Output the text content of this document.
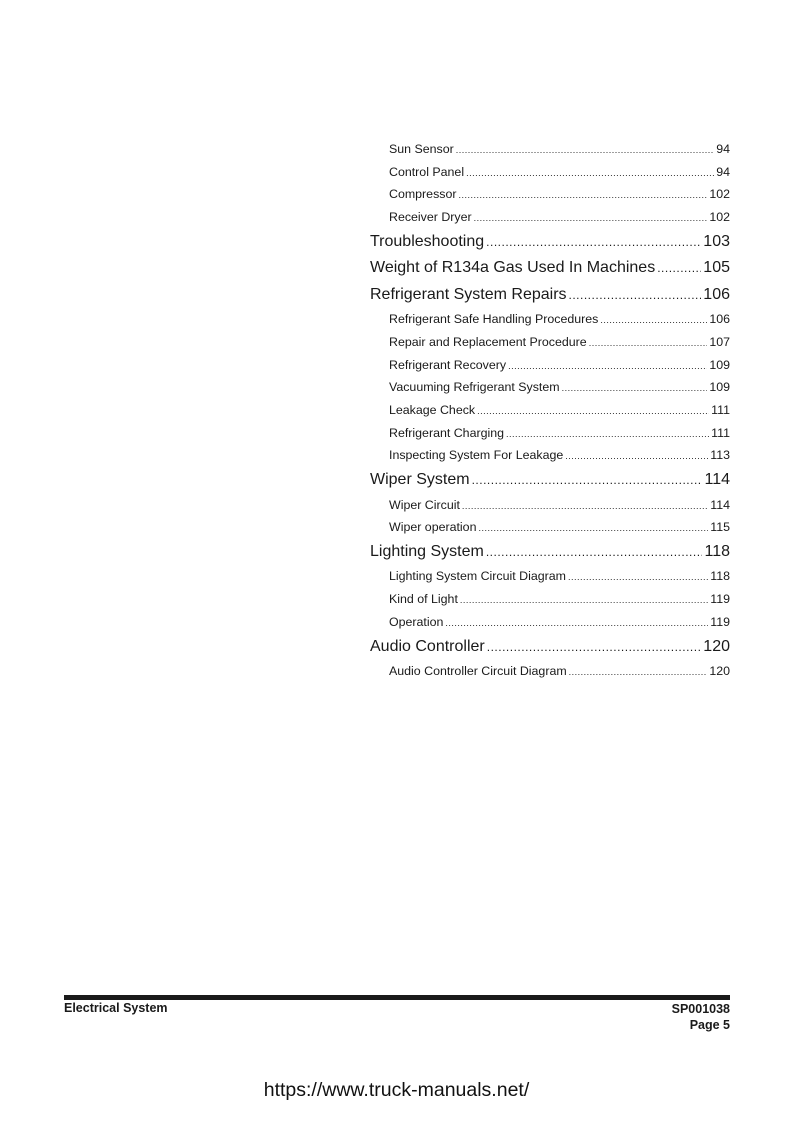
Sun Sensor .....	94
Control Panel .....	94
Compressor .....	102
Receiver Dryer .....	102
Troubleshooting .....	103
Weight of R134a Gas Used In Machines .....	105
Refrigerant System Repairs .....	106
Refrigerant Safe Handling Procedures .....	106
Repair and Replacement Procedure .....	107
Refrigerant Recovery .....	109
Vacuuming Refrigerant System .....	109
Leakage Check .....	111
Refrigerant Charging .....	111
Inspecting System For Leakage .....	113
Wiper System .....	114
Wiper Circuit .....	114
Wiper operation .....	115
Lighting System .....	118
Lighting System Circuit Diagram .....	118
Kind of Light .....	119
Operation .....	119
Audio Controller .....	120
Audio Controller Circuit Diagram .....	120
Electrical System	SP001038
Page 5
https://www.truck-manuals.net/
